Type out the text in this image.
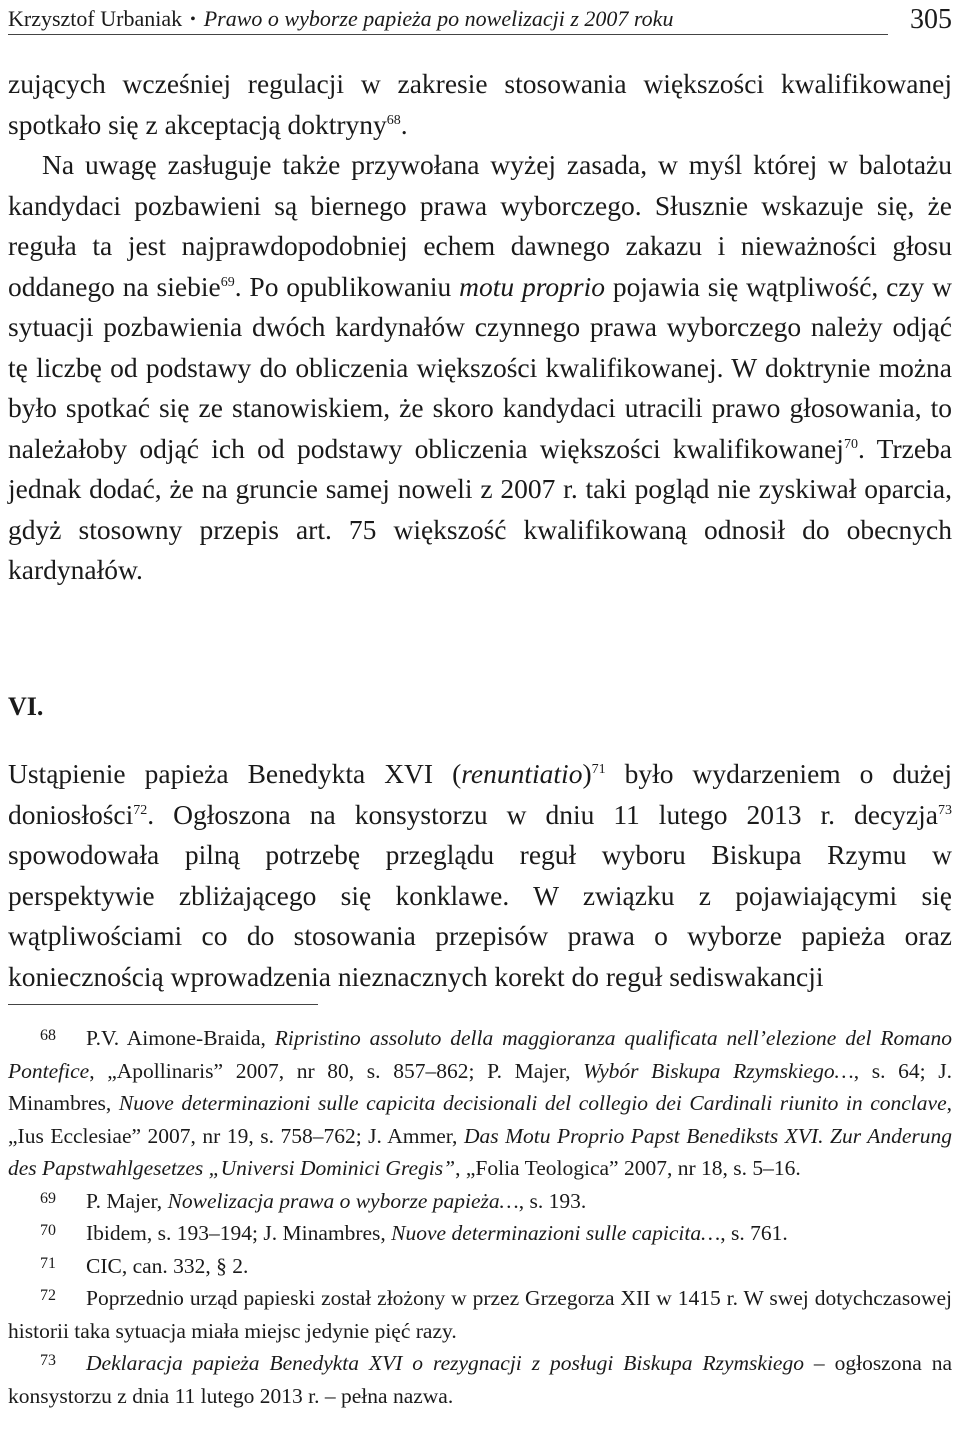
Krzysztof Urbaniak • Prawo o wyborze papieża po nowelizacji z 2007 roku	305
zujących wcześniej regulacji w zakresie stosowania większości kwalifikowanej spotkało się z akceptacją doktryny$^{68}$.
Na uwagę zasługuje także przywołana wyżej zasada, w myśl której w balotażu kandydaci pozbawieni są biernego prawa wyborczego. Słusznie wskazuje się, że reguła ta jest najprawdopodobniej echem dawnego zakazu i nieważności głosu oddanego na siebie$^{69}$. Po opublikowaniu motu proprio pojawia się wątpliwość, czy w sytuacji pozbawienia dwóch kardynałów czynnego prawa wyborczego należy odjąć tę liczbę od podstawy do obliczenia większości kwalifikowanej. W doktrynie można było spotkać się ze stanowiskiem, że skoro kandydaci utracili prawo głosowania, to należałoby odjąć ich od podstawy obliczenia większości kwalifikowanej$^{70}$. Trzeba jednak dodać, że na gruncie samej noweli z 2007 r. taki pogląd nie zyskiwał oparcia, gdyż stosowny przepis art. 75 większość kwalifikowaną odnosił do obecnych kardynałów.
VI.
Ustąpienie papieża Benedykta XVI (renuntiatio)$^{71}$ było wydarzeniem o dużej doniosłości$^{72}$. Ogłoszona na konsystorzu w dniu 11 lutego 2013 r. decyzja$^{73}$ spowodowała pilną potrzebę przeglądu reguł wyboru Biskupa Rzymu w perspektywie zbliżającego się konklawe. W związku z pojawiającymi się wątpliwościami co do stosowania przepisów prawa o wyborze papieża oraz koniecznością wprowadzenia nieznacznych korekt do reguł sediswakancji

68 P.V. Aimone-Braida, Ripristino assoluto della maggioranza qualificata nell’elezione del Romano Pontefice, „Apollinaris” 2007, nr 80, s. 857–862; P. Majer, Wybór Biskupa Rzymskiego…, s. 64; J. Minambres, Nuove determinazioni sulle capicita decisionali del collegio dei Cardinali riunito in conclave, „Ius Ecclesiae” 2007, nr 19, s. 758–762; J. Ammer, Das Motu Proprio Papst Benediksts XVI. Zur Anderung des Papstwahlgesetzes „Universi Dominici Gregis”, „Folia Teologica” 2007, nr 18, s. 5–16.

69 P. Majer, Nowelizacja prawa o wyborze papieża…, s. 193.

70 Ibidem, s. 193–194; J. Minambres, Nuove determinazioni sulle capicita…, s. 761.

71 CIC, can. 332, § 2.

72 Poprzednio urząd papieski został złożony w przez Grzegorza XII w 1415 r. W swej dotychczasowej historii taka sytuacja miała miejsc jedynie pięć razy.

73 Deklaracja papieża Benedykta XVI o rezygnacji z posługi Biskupa Rzymskiego – ogłoszona na konsystorzu z dnia 11 lutego 2013 r. – pełna nazwa.
